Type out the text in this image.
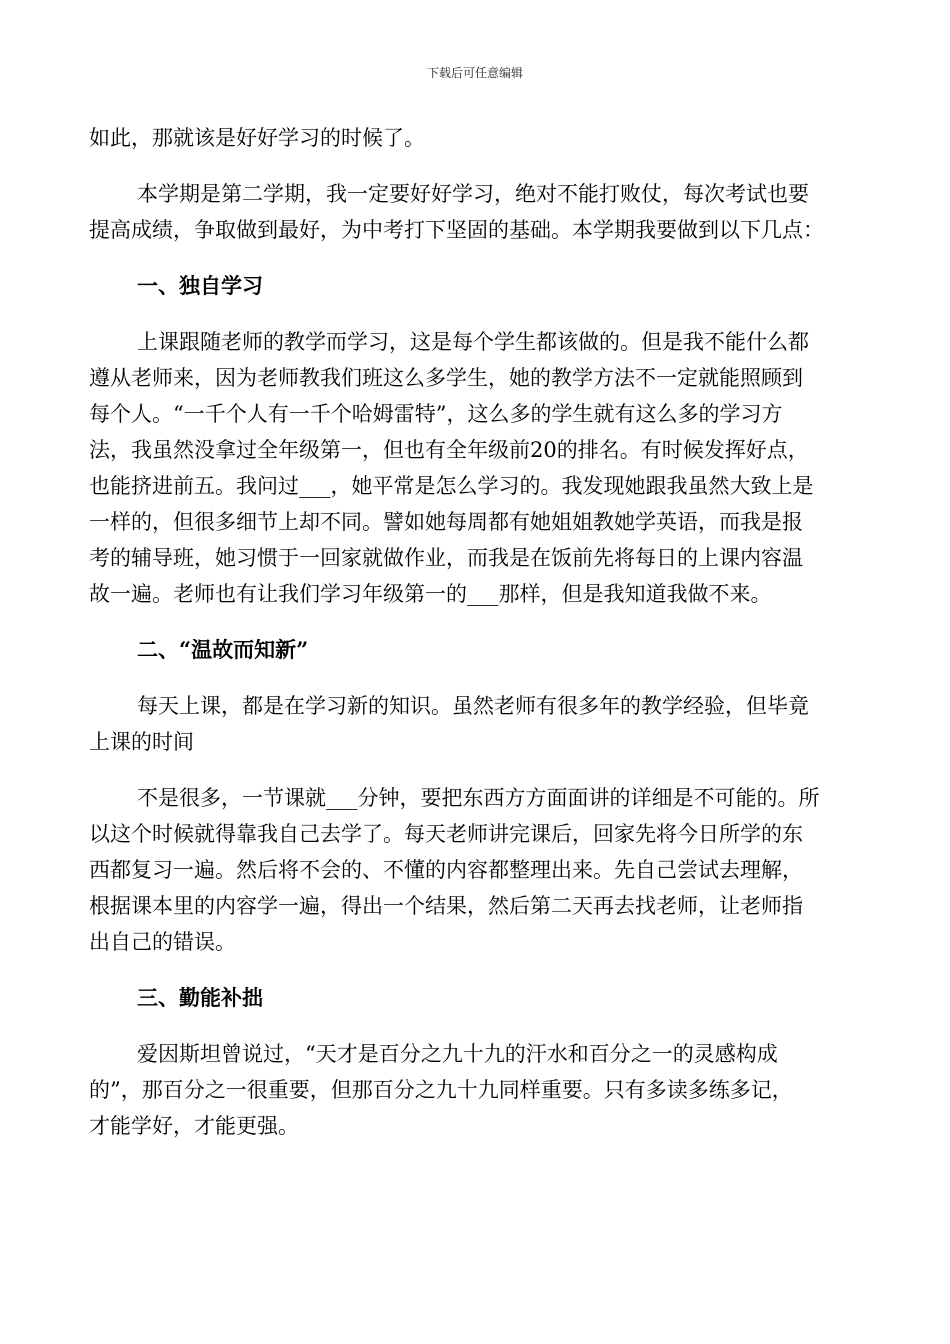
下载后可任意编辑

如此，那就该是好好学习的时候了。

本学期是第二学期，我一定要好好学习，绝对不能打败仗，每次考试也要
提高成绩，争取做到最好，为中考打下坚固的基础。本学期我要做到以下几点：

一、独自学习

上课跟随老师的教学而学习，这是每个学生都该做的。但是我不能什么都
遵从老师来，因为老师教我们班这么多学生，她的教学方法不一定就能照顾到
每个人。“一千个人有一千个哈姆雷特”，这么多的学生就有这么多的学习方
法，我虽然没拿过全年级第一，但也有全年级前20的排名。有时候发挥好点，
也能挤进前五。我问过___，她平常是怎么学习的。我发现她跟我虽然大致上是
一样的，但很多细节上却不同。譬如她每周都有她姐姐教她学英语，而我是报
考的辅导班，她习惯于一回家就做作业，而我是在饭前先将每日的上课内容温
故一遍。老师也有让我们学习年级第一的___那样，但是我知道我做不来。

二、“温故而知新”

每天上课，都是在学习新的知识。虽然老师有很多年的教学经验，但毕竟
上课的时间

不是很多，一节课就___分钟，要把东西方方面面讲的详细是不可能的。所
以这个时候就得靠我自己去学了。每天老师讲完课后，回家先将今日所学的东
西都复习一遍。然后将不会的、不懂的内容都整理出来。先自己尝试去理解，
根据课本里的内容学一遍，得出一个结果，然后第二天再去找老师，让老师指
出自己的错误。

三、勤能补拙

爱因斯坦曾说过，“天才是百分之九十九的汗水和百分之一的灵感构成
的”，那百分之一很重要，但那百分之九十九同样重要。只有多读多练多记，
才能学好，才能更强。
